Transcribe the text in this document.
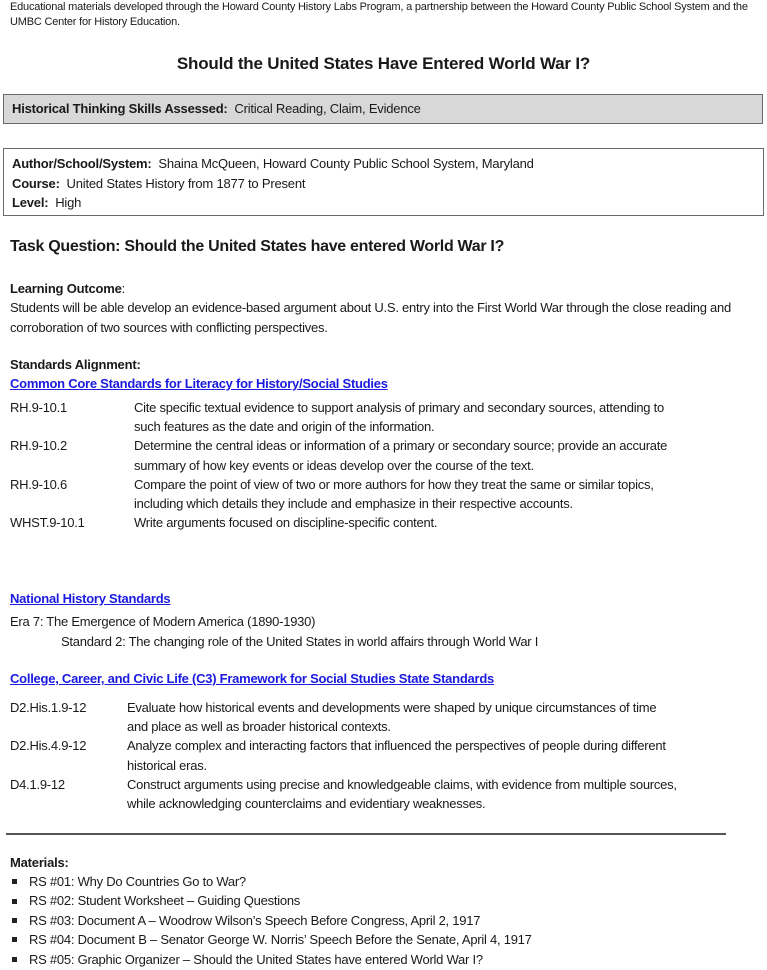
Educational materials developed through the Howard County History Labs Program, a partnership between the Howard County Public School System and the UMBC Center for History Education.
Should the United States Have Entered World War I?
Historical Thinking Skills Assessed: Critical Reading, Claim, Evidence
Author/School/System: Shaina McQueen, Howard County Public School System, Maryland
Course: United States History from 1877 to Present
Level: High
Task Question: Should the United States have entered World War I?
Learning Outcome:
Students will be able develop an evidence-based argument about U.S. entry into the First World War through the close reading and corroboration of two sources with conflicting perspectives.
Standards Alignment:
Common Core Standards for Literacy for History/Social Studies
RH.9-10.1	Cite specific textual evidence to support analysis of primary and secondary sources, attending to such features as the date and origin of the information.
RH.9-10.2	Determine the central ideas or information of a primary or secondary source; provide an accurate summary of how key events or ideas develop over the course of the text.
RH.9-10.6	Compare the point of view of two or more authors for how they treat the same or similar topics, including which details they include and emphasize in their respective accounts.
WHST.9-10.1	Write arguments focused on discipline-specific content.
National History Standards
Era 7: The Emergence of Modern America (1890-1930)
Standard 2: The changing role of the United States in world affairs through World War I
College, Career, and Civic Life (C3) Framework for Social Studies State Standards
D2.His.1.9-12	Evaluate how historical events and developments were shaped by unique circumstances of time and place as well as broader historical contexts.
D2.His.4.9-12	Analyze complex and interacting factors that influenced the perspectives of people during different historical eras.
D4.1.9-12	Construct arguments using precise and knowledgeable claims, with evidence from multiple sources, while acknowledging counterclaims and evidentiary weaknesses.
Materials:
RS #01: Why Do Countries Go to War?
RS #02: Student Worksheet – Guiding Questions
RS #03: Document A – Woodrow Wilson’s Speech Before Congress, April 2, 1917
RS #04: Document B – Senator George W. Norris’ Speech Before the Senate, April 4, 1917
RS #05: Graphic Organizer – Should the United States have entered World War I?
